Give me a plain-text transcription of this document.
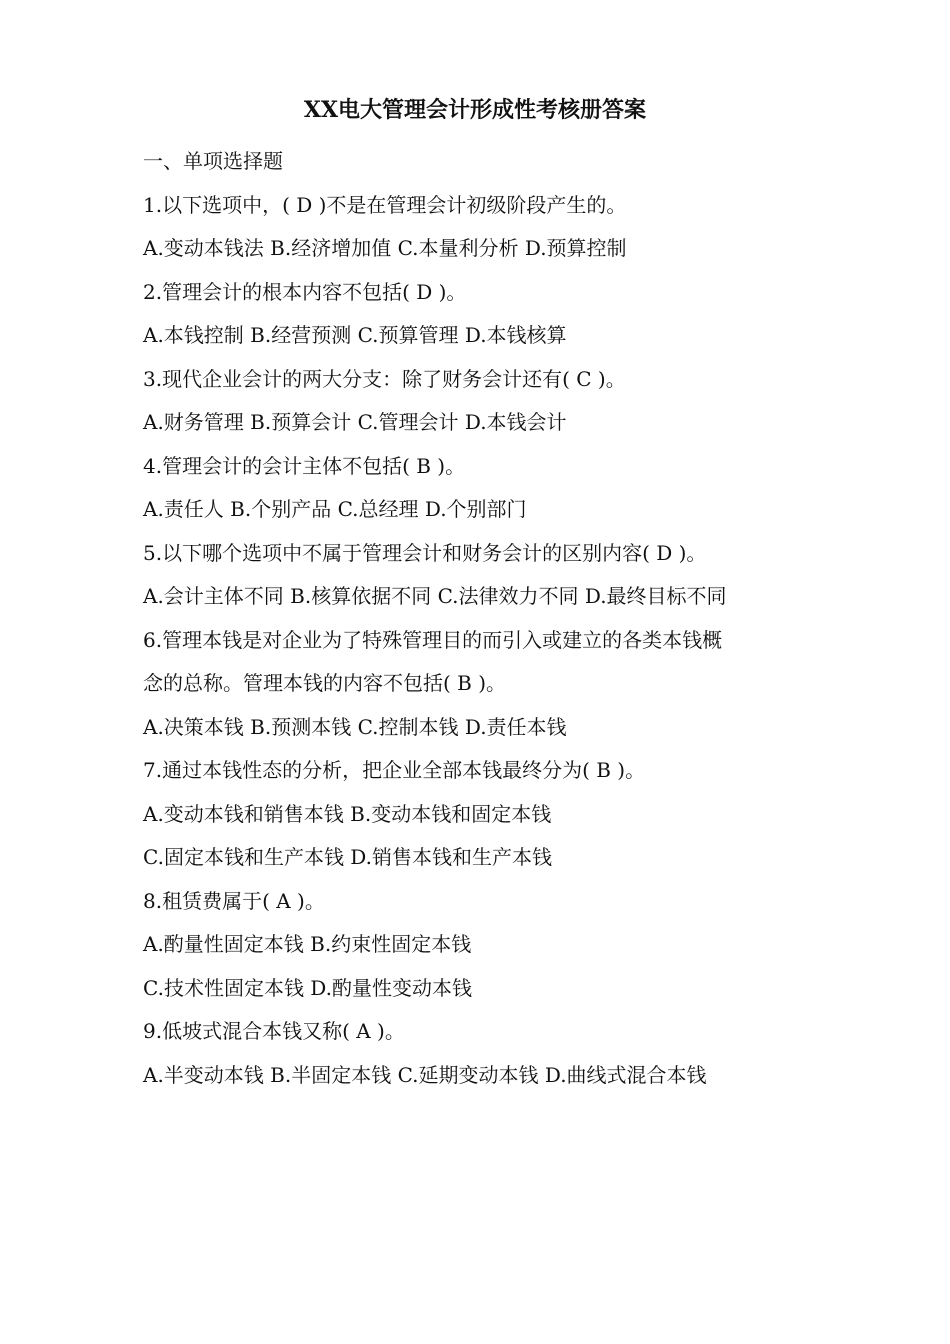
XX电大管理会计形成性考核册答案
一、单项选择题
1.以下选项中，( D )不是在管理会计初级阶段产生的。
A.变动本钱法 B.经济增加值 C.本量利分析 D.预算控制
2.管理会计的根本内容不包括( D )。
A.本钱控制 B.经营预测 C.预算管理 D.本钱核算
3.现代企业会计的两大分支：除了财务会计还有( C )。
A.财务管理 B.预算会计 C.管理会计 D.本钱会计
4.管理会计的会计主体不包括( B )。
A.责任人 B.个别产品 C.总经理 D.个别部门
5.以下哪个选项中不属于管理会计和财务会计的区别内容( D )。
A.会计主体不同 B.核算依据不同 C.法律效力不同 D.最终目标不同
6.管理本钱是对企业为了特殊管理目的而引入或建立的各类本钱概
念的总称。管理本钱的内容不包括( B )。
A.决策本钱 B.预测本钱 C.控制本钱 D.责任本钱
7.通过本钱性态的分析，把企业全部本钱最终分为( B )。
A.变动本钱和销售本钱 B.变动本钱和固定本钱
C.固定本钱和生产本钱 D.销售本钱和生产本钱
8.租赁费属于( A )。
A.酌量性固定本钱 B.约束性固定本钱
C.技术性固定本钱 D.酌量性变动本钱
9.低坡式混合本钱又称( A )。
A.半变动本钱 B.半固定本钱 C.延期变动本钱 D.曲线式混合本钱
